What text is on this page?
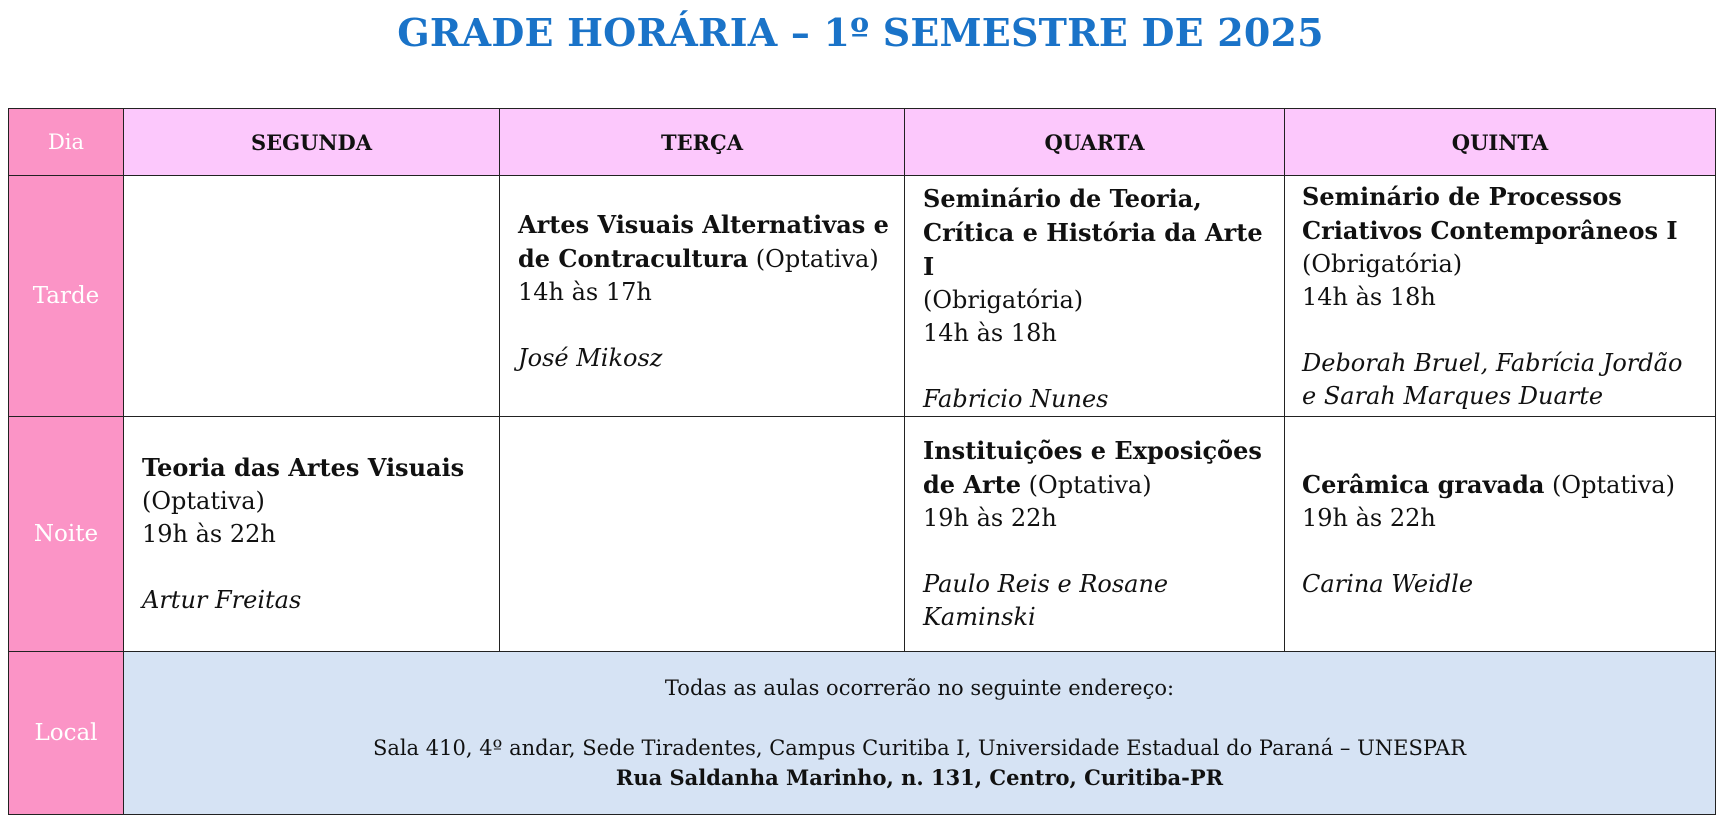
GRADE HORÁRIA – 1º SEMESTRE DE 2025
Dia	SEGUNDA	TERÇA	QUARTA	QUINTA
Tarde		Artes Visuais Alternativas e de Contracultura (Optativa)
14h às 17h
José Mikosz	Seminário de Teoria, Crítica e História da Arte I
(Obrigatória)
14h às 18h
Fabricio Nunes	Seminário de Processos Criativos Contemporâneos I
(Obrigatória)
14h às 18h
Deborah Bruel, Fabrícia Jordão e Sarah Marques Duarte

Noite	Teoria das Artes Visuais
(Optativa)
19h às 22h
Artur Freitas		Instituições e Exposições de Arte (Optativa)
19h às 22h
Paulo Reis e Rosane Kaminski	Cerâmica gravada (Optativa)
19h às 22h
Carina Weidle

Local	Todas as aulas ocorrerão no seguinte endereço:
Sala 410, 4º andar, Sede Tiradentes, Campus Curitiba I, Universidade Estadual do Paraná – UNESPAR
Rua Saldanha Marinho, n. 131, Centro, Curitiba-PR			
